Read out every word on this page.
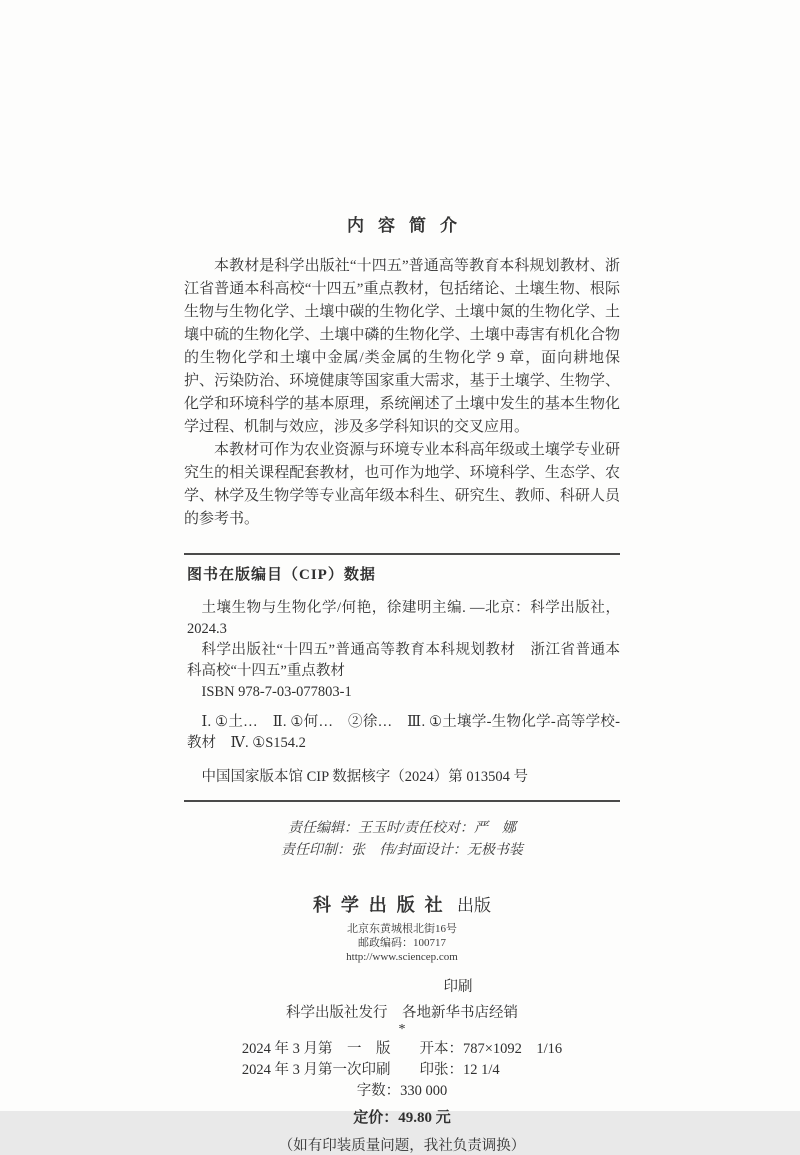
内容简介

本教材是科学出版社“十四五”普通高等教育本科规划教材、浙江省普通本科高校“十四五”重点教材，包括绪论、土壤生物、根际生物与生物化学、土壤中碳的生物化学、土壤中氮的生物化学、土壤中硫的生物化学、土壤中磷的生物化学、土壤中毒害有机化合物的生物化学和土壤中金属/类金属的生物化学 9 章，面向耕地保护、污染防治、环境健康等国家重大需求，基于土壤学、生物学、化学和环境科学的基本原理，系统阐述了土壤中发生的基本生物化学过程、机制与效应，涉及多学科知识的交叉应用。

本教材可作为农业资源与环境专业本科高年级或土壤学专业研究生的相关课程配套教材，也可作为地学、环境科学、生态学、农学、林学及生物学等专业高年级本科生、研究生、教师、科研人员的参考书。

图书在版编目（CIP）数据

土壤生物与生物化学/何艳，徐建明主编. —北京：科学出版社，2024.3

科学出版社“十四五”普通高等教育本科规划教材　浙江省普通本科高校“十四五”重点教材

ISBN 978-7-03-077803-1

Ⅰ. ①土…　Ⅱ. ①何…　②徐…　Ⅲ. ①土壤学-生物化学-高等学校-教材　Ⅳ. ①S154.2

中国国家版本馆 CIP 数据核字（2024）第 013504 号

责任编辑：王玉时/责任校对：严　娜
责任印制：张　伟/封面设计：无极书装
科学出版社 出版
北京东黄城根北街16号
邮政编码：100717
http://www.sciencep.com
印刷
科学出版社发行　各地新华书店经销
*
2024 年 3 月第　一　版　　开本：787×1092　1/16
2024 年 3 月第一次印刷　　印张：12 1/4
字数：330 000
定价：49.80 元
（如有印装质量问题，我社负责调换）
